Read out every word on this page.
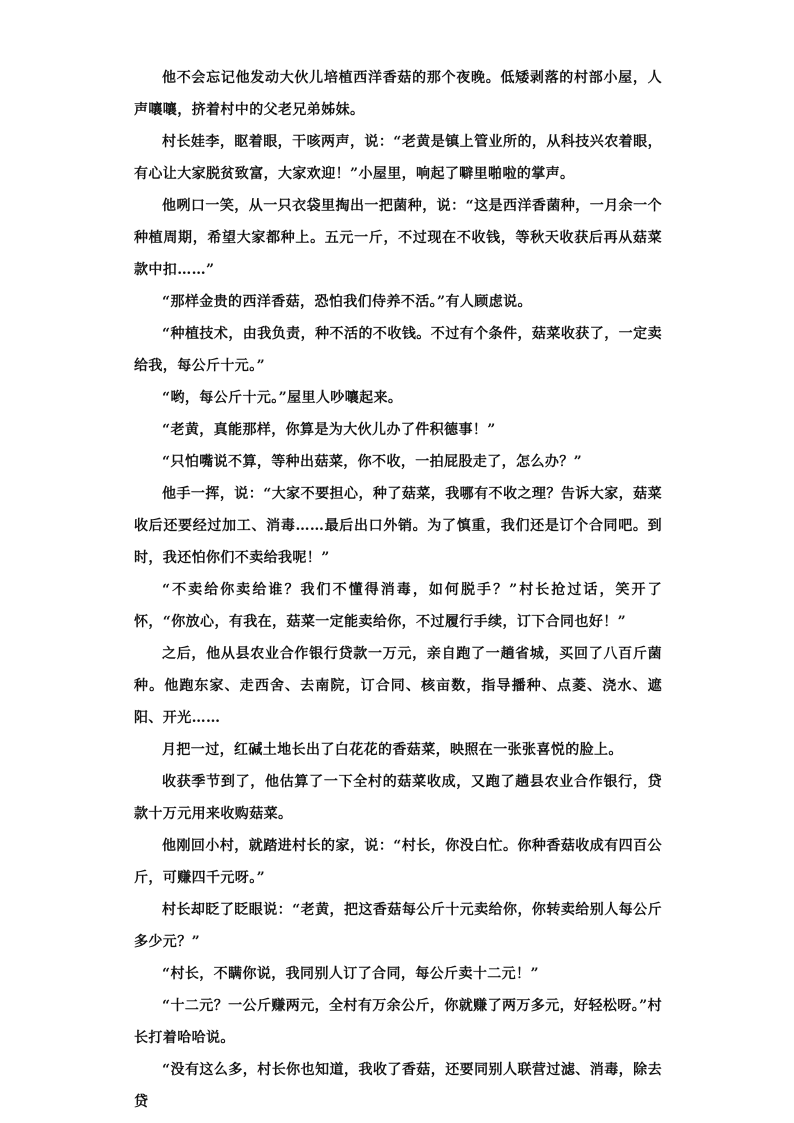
他不会忘记他发动大伙儿培植西洋香菇的那个夜晚。低矮剥落的村部小屋，人声嚷嚷，挤着村中的父老兄弟姊妹。

村长娃李，眍着眼，干咳两声，说：“老黄是镇上管业所的，从科技兴农着眼，有心让大家脱贫致富，大家欢迎！”小屋里，响起了噼里啪啦的掌声。

他咧口一笑，从一只衣袋里掏出一把菌种，说：“这是西洋香菌种，一月余一个种植周期，希望大家都种上。五元一斤，不过现在不收钱，等秋天收获后再从菇菜款中扣……”

“那样金贵的西洋香菇，恐怕我们侍养不活。”有人顾虑说。

“种植技术，由我负责，种不活的不收钱。不过有个条件，菇菜收获了，一定卖给我，每公斤十元。”

“哟，每公斤十元。”屋里人吵嚷起来。

“老黄，真能那样，你算是为大伙儿办了件积德事！”

“只怕嘴说不算，等种出菇菜，你不收，一拍屁股走了，怎么办？”

他手一挥，说：“大家不要担心，种了菇菜，我哪有不收之理？告诉大家，菇菜收后还要经过加工、消毒……最后出口外销。为了慎重，我们还是订个合同吧。到时，我还怕你们不卖给我呢！”

“不卖给你卖给谁？我们不懂得消毒，如何脱手？”村长抢过话，笑开了怀，“你放心，有我在，菇菜一定能卖给你，不过履行手续，订下合同也好！”

之后，他从县农业合作银行贷款一万元，亲自跑了一趟省城，买回了八百斤菌种。他跑东家、走西舍、去南院，订合同、核亩数，指导播种、点菱、浇水、遮阳、开光……

月把一过，红碱土地长出了白花花的香菇菜，映照在一张张喜悦的脸上。

收获季节到了，他估算了一下全村的菇菜收成，又跑了趟县农业合作银行，贷款十万元用来收购菇菜。

他刚回小村，就踏进村长的家，说：“村长，你没白忙。你种香菇收成有四百公斤，可赚四千元呀。”

村长却眨了眨眼说：“老黄，把这香菇每公斤十元卖给你，你转卖给别人每公斤多少元？”

“村长，不瞒你说，我同别人订了合同，每公斤卖十二元！”

“十二元？一公斤赚两元，全村有万余公斤，你就赚了两万多元，好轻松呀。”村长打着哈哈说。

“没有这么多，村长你也知道，我收了香菇，还要同别人联营过滤、消毒，除去贷
